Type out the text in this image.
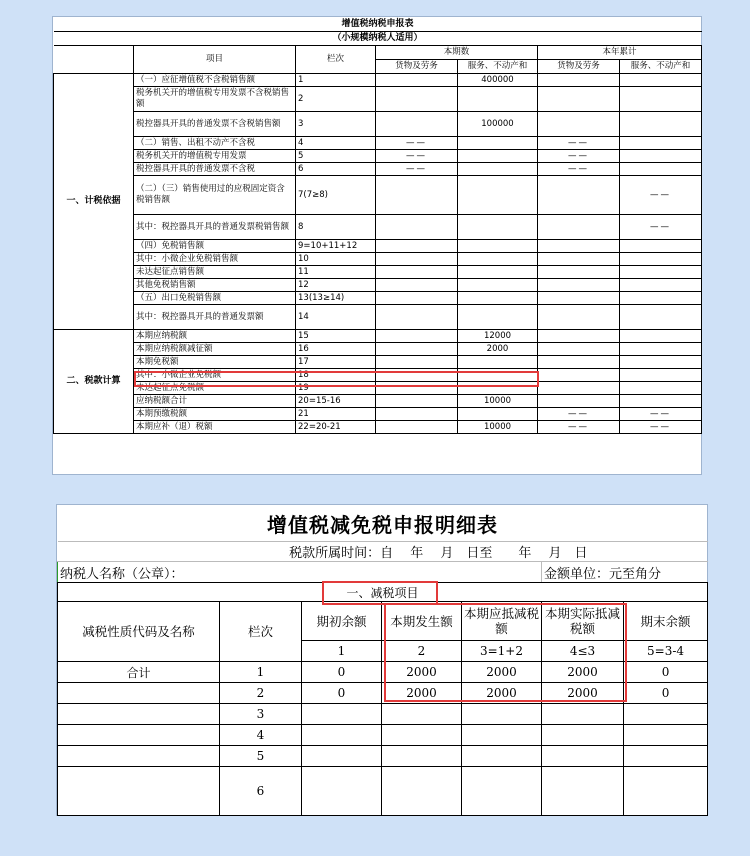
增值税纳税申报表						
（小规模纳税人适用）						
	项目	栏次	本期数		本年累计	
			货物及劳务	服务、不动产和	货物及劳务	服务、不动产和
一、计税依据	（一）应征增值税不含税销售额	1		400000		
	税务机关开的增值税专用发票不含税销售额	2				
	税控器具开具的普通发票不含税销售额	3		100000		
	（二）销售、出租不动产不含税	4	——		——	
	税务机关开的增值税专用发票	5	——		——	
	税控器具开具的普通发票不含税	6	——		——	
	（二）（三）销售使用过的应税固定资含税销售额	7(7≥8)				——
	其中：税控器具开具的普通发票税销售额	8				——
	（四）免税销售额	9=10+11+12				
	其中：小微企业免税销售额	10				
	未达起征点销售额	11				
	其他免税销售额	12				
	（五）出口免税销售额	13(13≥14)				
	其中：税控器具开具的普通发票额	14				
二、税款计算	本期应纳税额	15		12000		
	本期应纳税额减征额	16		2000		
	本期免税额	17				
	其中：小微企业免税额	18				
	未达起征点免税额	19				
	应纳税额合计	20=15-16		10000		
	本期预缴税额	21			——	——
	本期应补（退）税额	22=20-21		10000	——	——
增值税减免税申报明细表						
税款所属时间：自　 年　 月　日至　　年　 月　日						
纳税人名称（公章）：					金额单位：元至角分	
一、减税项目						
减税性质代码及名称	栏次	期初余额	本期发生额	本期应抵减税额	本期实际抵减税额	期末余额
		1	2	3=1+2	4≤3	5=3-4
合计	1	0	2000	2000	2000	0
	2	0	2000	2000	2000	0
	3					
	4					
	5					
	6					
